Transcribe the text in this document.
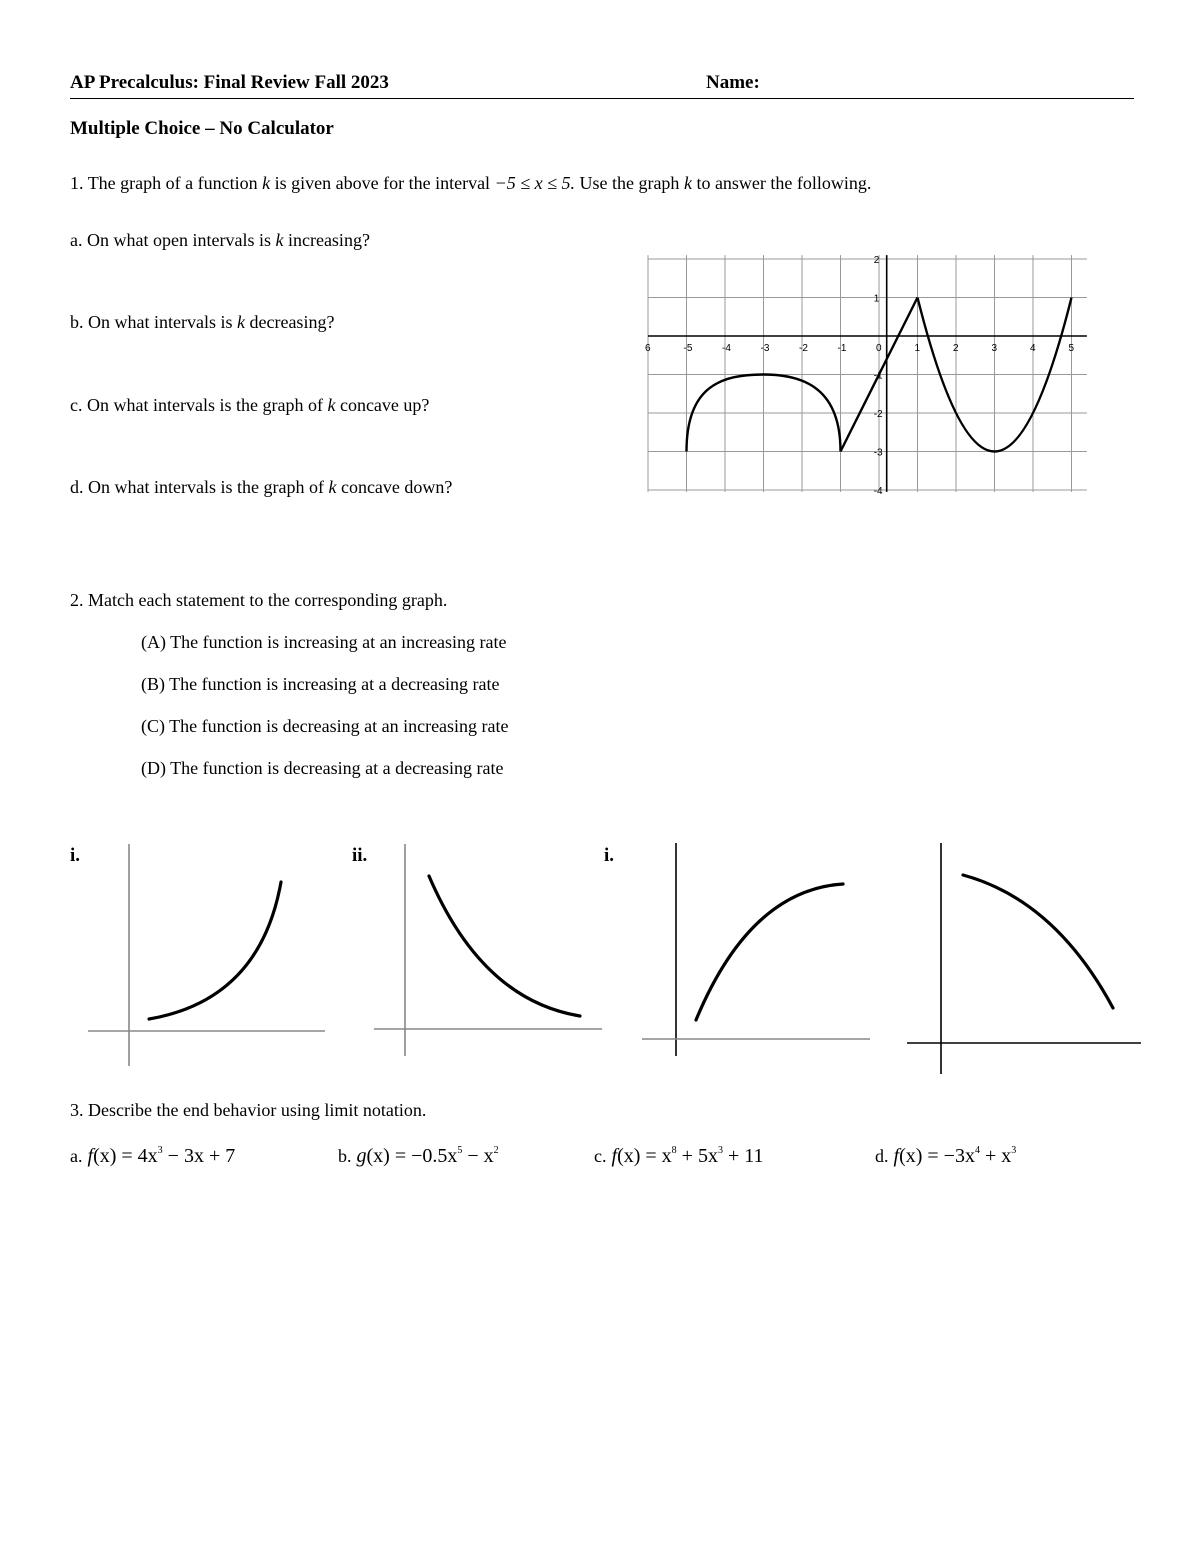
AP Precalculus: Final Review Fall 2023	Name:
Multiple Choice – No Calculator
1. The graph of a function k is given above for the interval −5 ≤ x ≤ 5. Use the graph k to answer the following.
a. On what open intervals is k increasing?
b. On what intervals is k decreasing?
c. On what intervals is the graph of k concave up?
d. On what intervals is the graph of k concave down?
6	-5	-4	-3	-2	-1	0	1	2	3	4	5
2
1
-1
-2
-3
-4
2. Match each statement to the corresponding graph.
(A) The function is increasing at an increasing rate
(B) The function is increasing at a decreasing rate
(C) The function is decreasing at an increasing rate
(D) The function is decreasing at a decreasing rate
i.	ii.	i.
3. Describe the end behavior using limit notation.
a. $f(x) = 4x^3 - 3x + 7$	b. $g(x) = -0.5x^5 - x^2$	c. $f(x) = x^8 + 5x^3 + 11$	d. $f(x) = -3x^4 + x^3$
